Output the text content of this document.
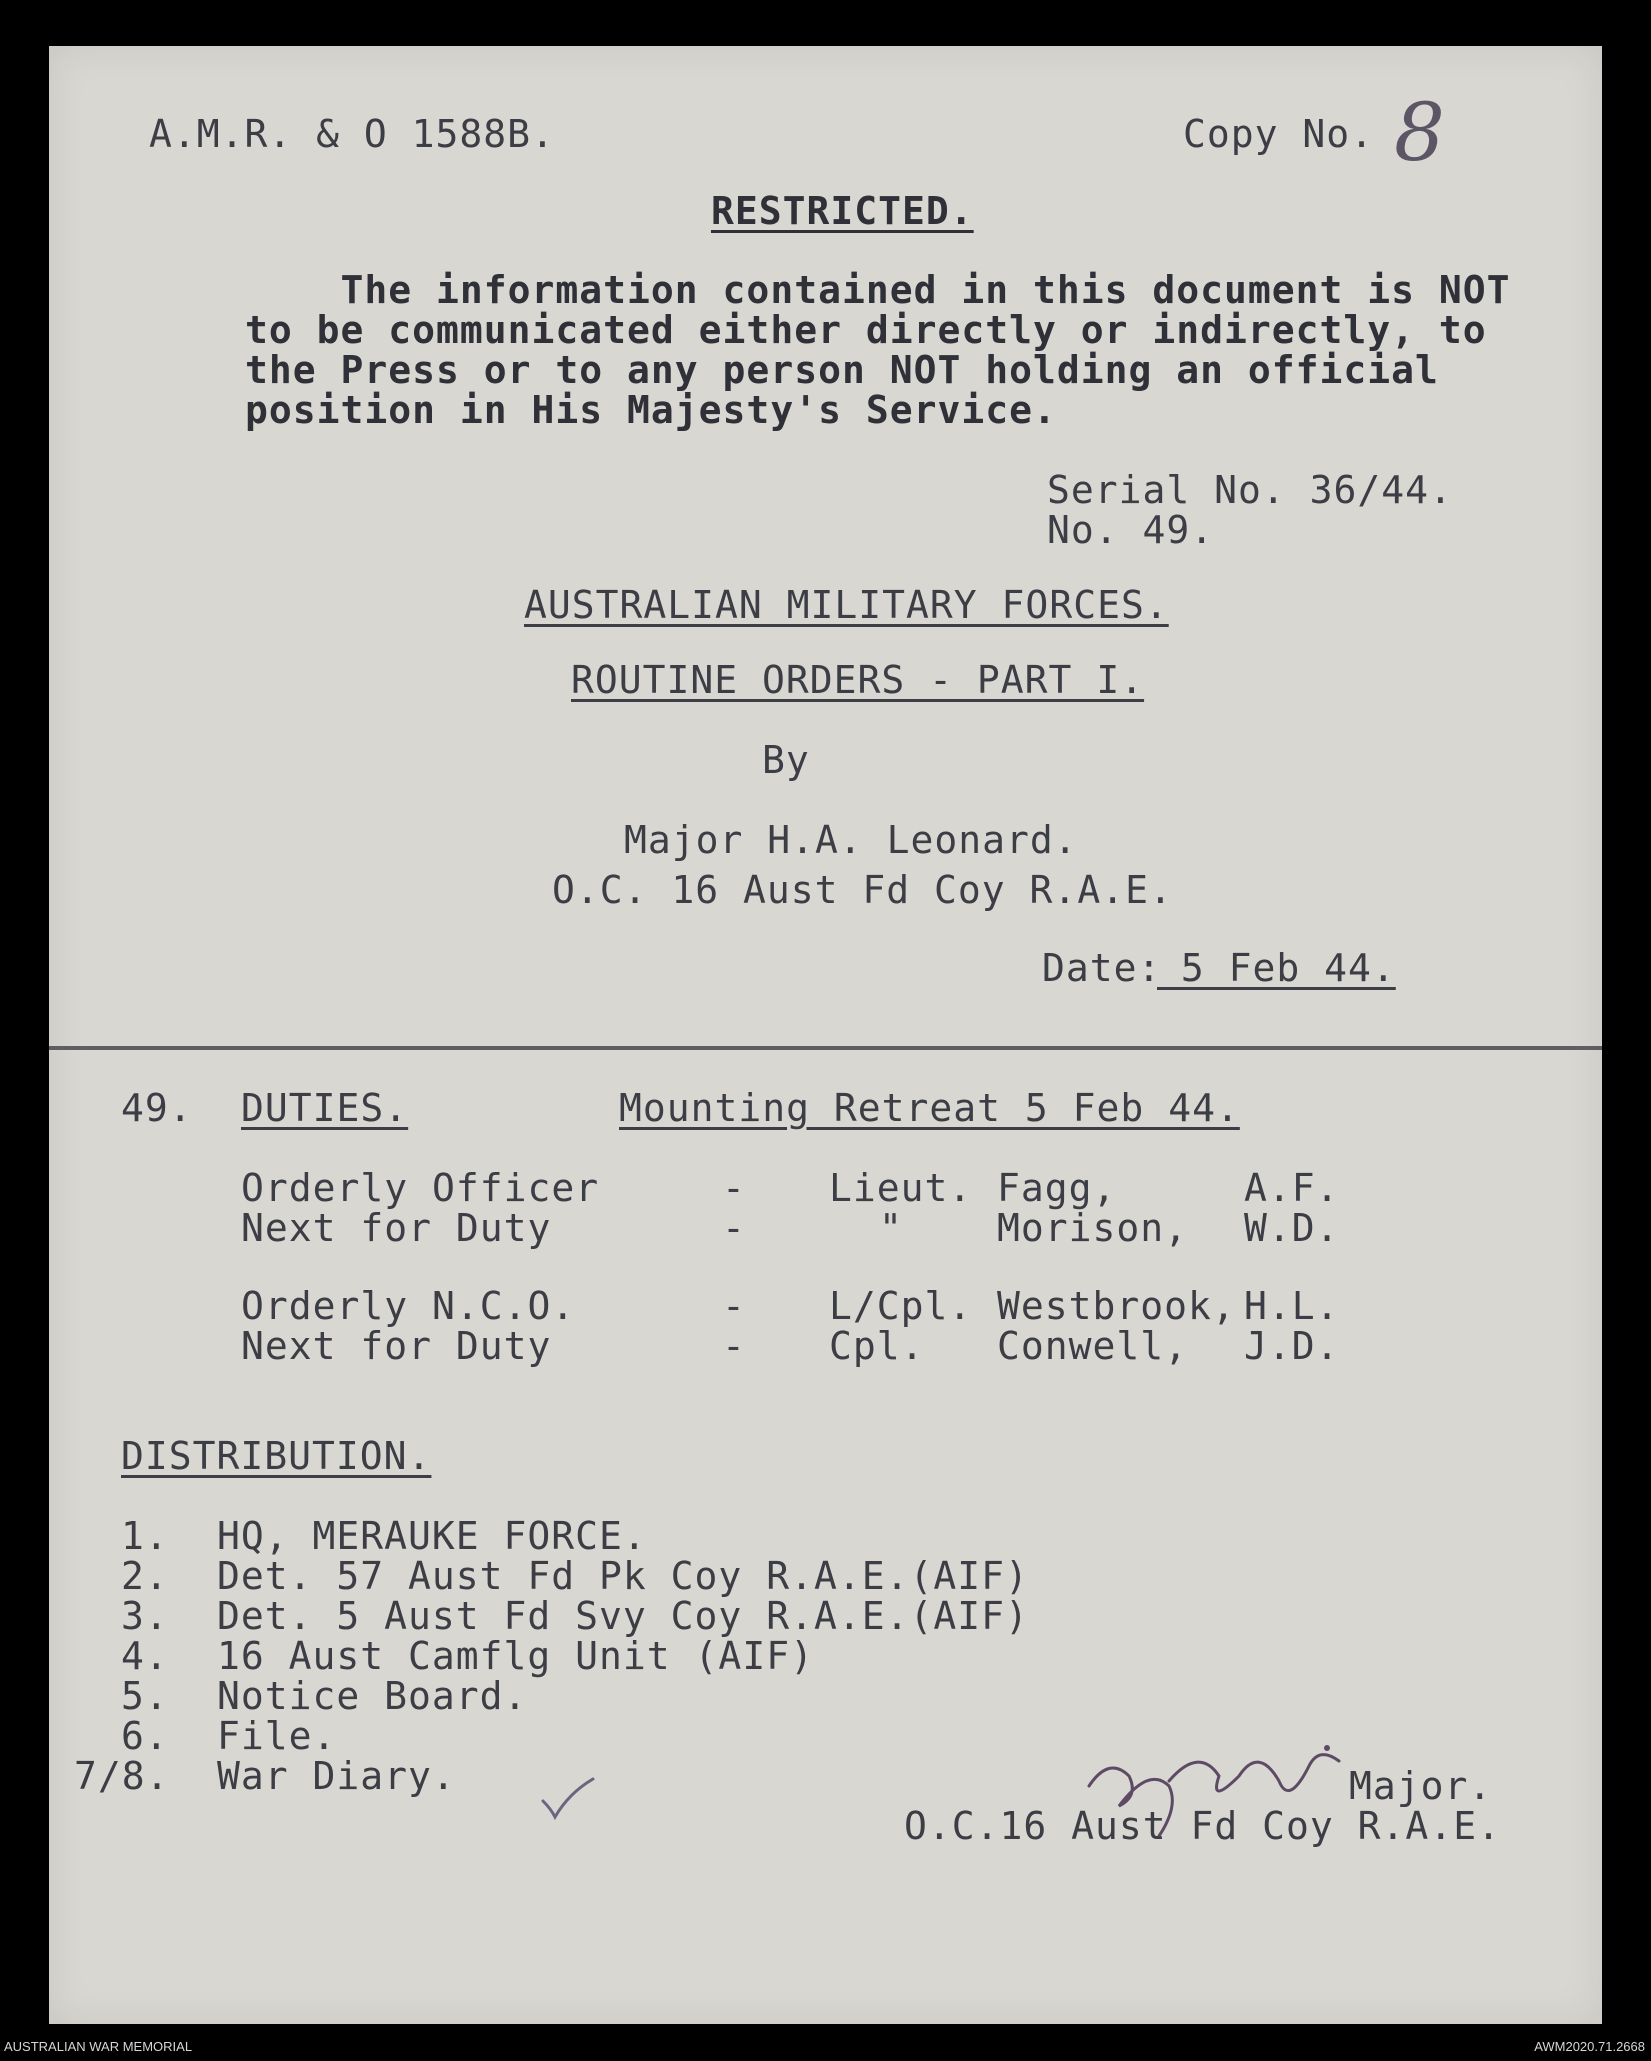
A.M.R. & O 1588B.	Copy No. 8
RESTRICTED.
The information contained in this document is NOT
to be communicated either directly or indirectly, to
the Press or to any person NOT holding an official
position in His Majesty's Service.
Serial No. 36/44.
No. 49.
AUSTRALIAN MILITARY FORCES.
ROUTINE ORDERS - PART I.
By
Major H.A. Leonard.
O.C. 16 Aust Fd Coy R.A.E.
Date:
5 Feb 44.
49. DUTIES.	Mounting Retreat 5 Feb 44.
Orderly Officer	- Lieut. Fagg,	A.F.
Next for Duty	-	" Morison, W.D.
Orderly N.C.O.	- L/Cpl. Westbrook, H.L.
Next for Duty	- Cpl. Conwell, J.D.
DISTRIBUTION.
1. HQ, MERAUKE FORCE.
2. Det. 57 Aust Fd Pk Coy R.A.E.(AIF)
3. Det. 5 Aust Fd Svy Coy R.A.E.(AIF)
4. 16 Aust Camflg Unit (AIF)
5. Notice Board.
6. File.
7/8. War Diary.	Major.
O.C.16 Aust Fd Coy R.A.E.
AUSTRALIAN WAR MEMORIAL	AWM2020.71.2668
